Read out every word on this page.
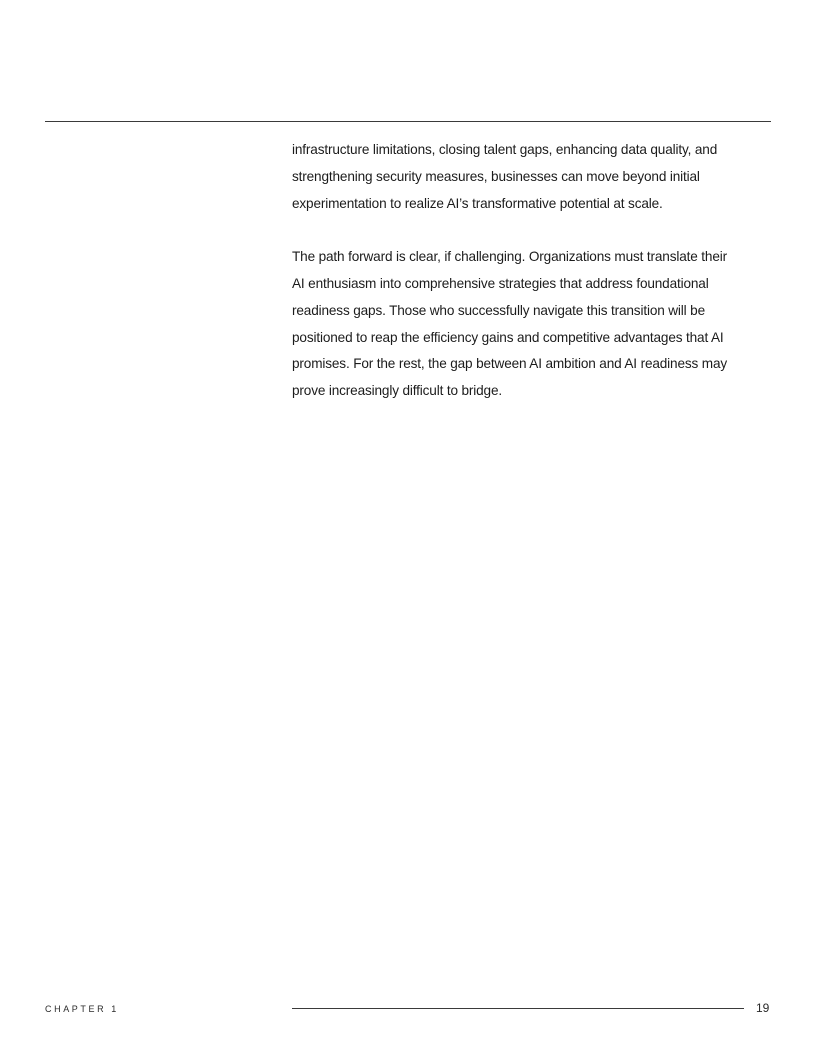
infrastructure limitations, closing talent gaps, enhancing data quality, and
strengthening security measures, businesses can move beyond initial
experimentation to realize AI’s transformative potential at scale.

The path forward is clear, if challenging. Organizations must translate their
AI enthusiasm into comprehensive strategies that address foundational
readiness gaps. Those who successfully navigate this transition will be
positioned to reap the efficiency gains and competitive advantages that AI
promises. For the rest, the gap between AI ambition and AI readiness may
prove increasingly difficult to bridge.

CHAPTER 1	19
